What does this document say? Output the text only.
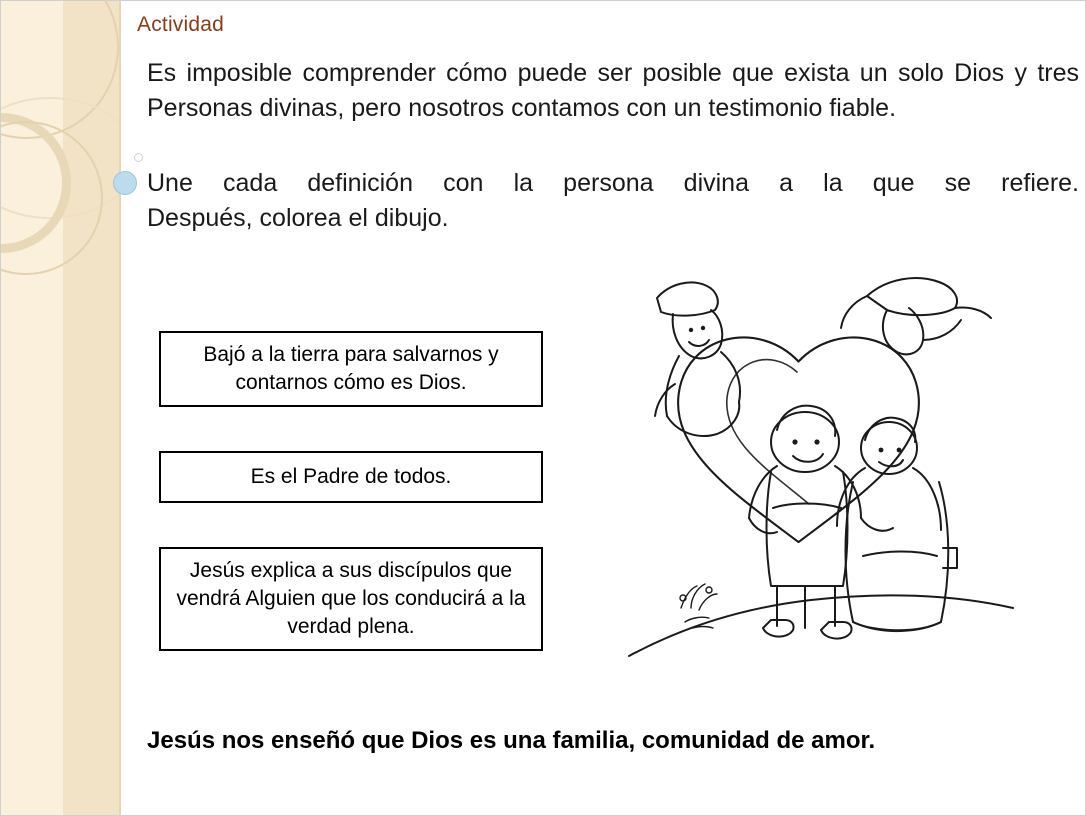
Actividad

Es imposible comprender cómo puede ser posible que exista un solo Dios y tres Personas divinas, pero nosotros contamos con un testimonio fiable.

Une cada definición con la persona divina a la que se refiere.
Después, colorea el dibujo.
Bajó a la tierra para salvarnos y contarnos cómo es Dios.
Es el Padre de todos.
Jesús explica a sus discípulos que vendrá Alguien que los conducirá a la verdad plena.
Jesús nos enseñó que Dios es una familia, comunidad de amor.
